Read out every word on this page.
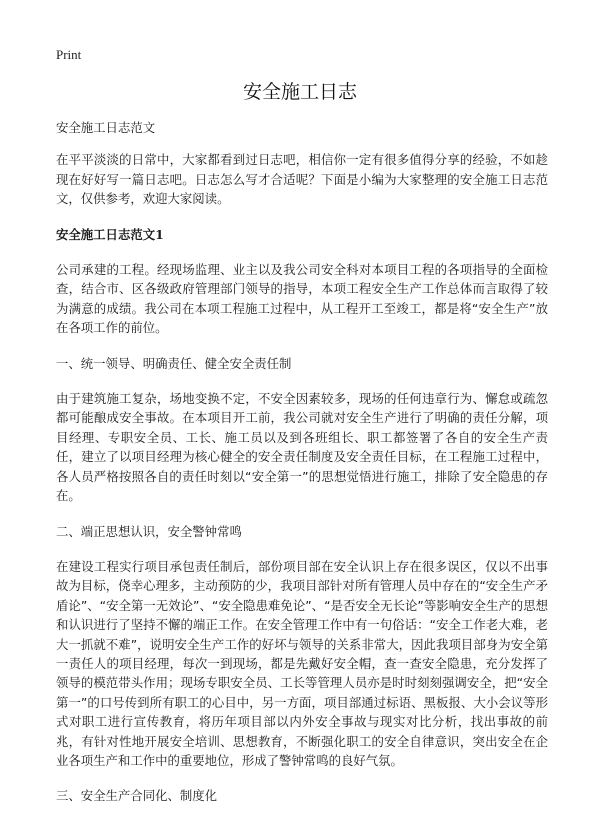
Print
安全施工日志

安全施工日志范文

在平平淡淡的日常中，大家都看到过日志吧，相信你一定有很多值得分享的经验，不如趁现在好好写一篇日志吧。日志怎么写才合适呢？下面是小编为大家整理的安全施工日志范文，仅供参考，欢迎大家阅读。

安全施工日志范文1

公司承建的工程。经现场监理、业主以及我公司安全科对本项目工程的各项指导的全面检查，结合市、区各级政府管理部门领导的指导，本项工程安全生产工作总体而言取得了较为满意的成绩。我公司在本项工程施工过程中，从工程开工至竣工，都是将“安全生产”放在各项工作的前位。

一、统一领导、明确责任、健全安全责任制

由于建筑施工复杂，场地变换不定，不安全因素较多，现场的任何违章行为、懈怠或疏忽都可能酿成安全事故。在本项目开工前，我公司就对安全生产进行了明确的责任分解，项目经理、专职安全员、工长、施工员以及到各班组长、职工都签署了各自的安全生产责任，建立了以项目经理为核心健全的安全责任制度及安全责任目标，在工程施工过程中，各人员严格按照各自的责任时刻以“安全第一”的思想觉悟进行施工，排除了安全隐患的存在。

二、端正思想认识，安全警钟常鸣

在建设工程实行项目承包责任制后，部份项目部在安全认识上存在很多误区，仅以不出事故为目标，侥幸心理多，主动预防的少，我项目部针对所有管理人员中存在的“安全生产矛盾论”、“安全第一无效论”、“安全隐患难免论”、“是否安全无长论”等影响安全生产的思想和认识进行了坚持不懈的端正工作。在安全管理工作中有一句俗话：“安全工作老大难，老大一抓就不难”，说明安全生产工作的好坏与领导的关系非常大，因此我项目部身为安全第一责任人的项目经理，每次一到现场，都是先戴好安全帽，查一查安全隐患，充分发挥了领导的模范带头作用；现场专职安全员、工长等管理人员亦是时时刻刻强调安全，把“安全第一”的口号传到所有职工的心目中，另一方面，项目部通过标语、黑板报、大小会议等形式对职工进行宣传教育，将历年项目部以内外安全事故与现实对比分析，找出事故的前兆，有针对性地开展安全培训、思想教育，不断强化职工的安全自律意识，突出安全在企业各项生产和工作中的重要地位，形成了警钟常鸣的良好气氛。

三、安全生产合同化、制度化
